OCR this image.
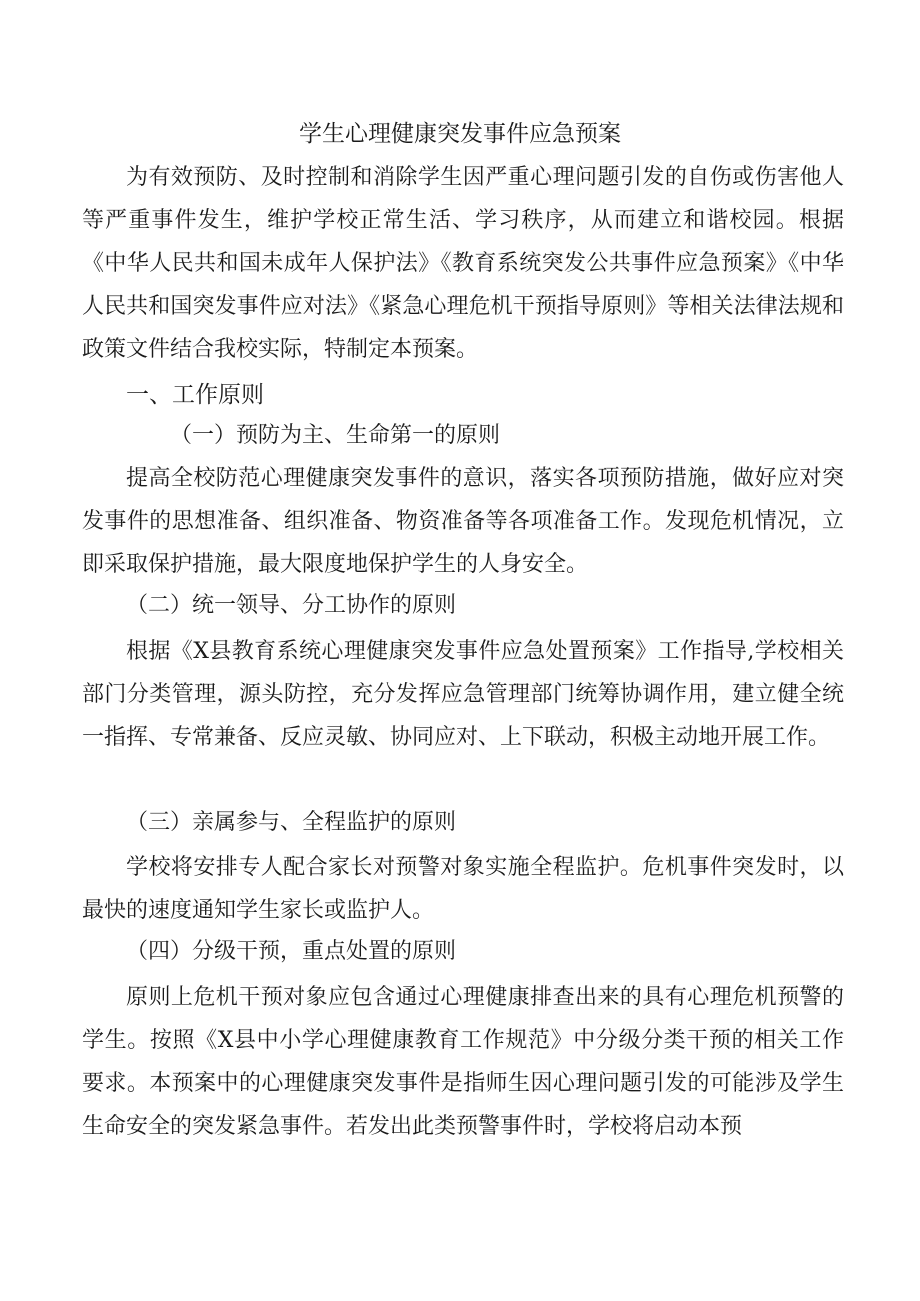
学生心理健康突发事件应急预案

为有效预防、及时控制和消除学生因严重心理问题引发的自伤或伤害他人等严重事件发生，维护学校正常生活、学习秩序，从而建立和谐校园。根据《中华人民共和国未成年人保护法》《教育系统突发公共事件应急预案》《中华人民共和国突发事件应对法》《紧急心理危机干预指导原则》等相关法律法规和政策文件结合我校实际，特制定本预案。

一、工作原则
（一）预防为主、生命第一的原则

提高全校防范心理健康突发事件的意识，落实各项预防措施，做好应对突发事件的思想准备、组织准备、物资准备等各项准备工作。发现危机情况，立即采取保护措施，最大限度地保护学生的人身安全。

（二）统一领导、分工协作的原则

根据《X县教育系统心理健康突发事件应急处置预案》工作指导,学校相关部门分类管理，源头防控，充分发挥应急管理部门统筹协调作用，建立健全统一指挥、专常兼备、反应灵敏、协同应对、上下联动，积极主动地开展工作。

（三）亲属参与、全程监护的原则

学校将安排专人配合家长对预警对象实施全程监护。危机事件突发时，以最快的速度通知学生家长或监护人。

（四）分级干预，重点处置的原则

原则上危机干预对象应包含通过心理健康排查出来的具有心理危机预警的学生。按照《X县中小学心理健康教育工作规范》中分级分类干预的相关工作要求。本预案中的心理健康突发事件是指师生因心理问题引发的可能涉及学生生命安全的突发紧急事件。若发出此类预警事件时，学校将启动本预
